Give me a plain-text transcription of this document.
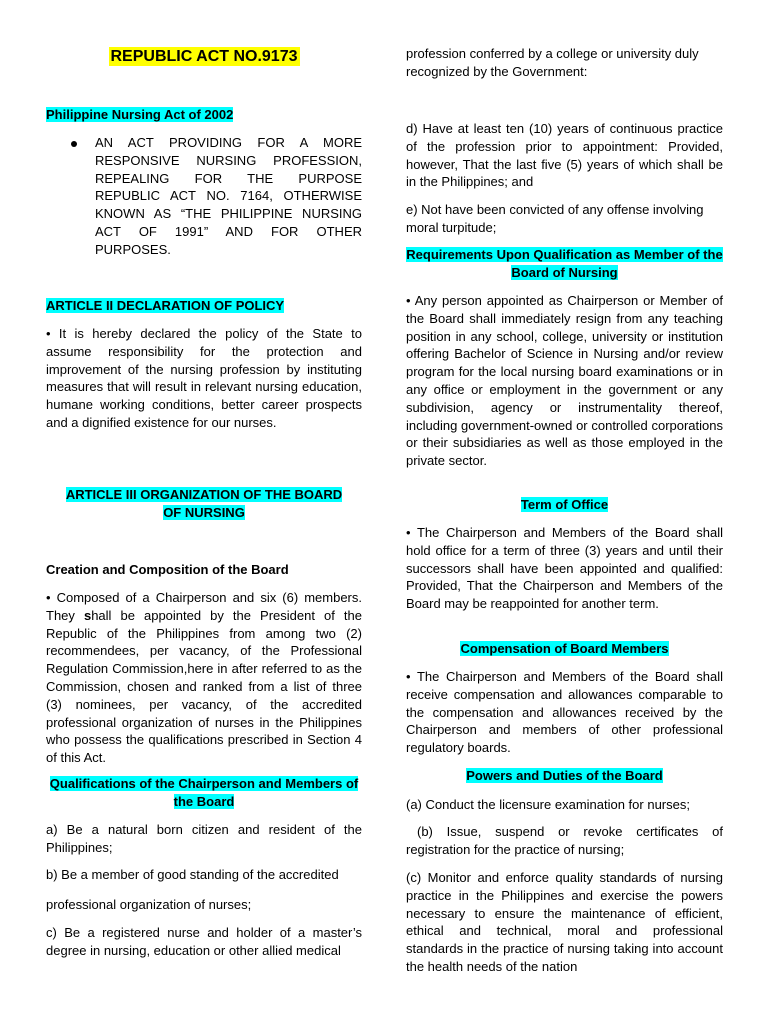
REPUBLIC ACT NO.9173
Philippine Nursing Act of 2002
AN ACT PROVIDING FOR A MORE RESPONSIVE NURSING PROFESSION, REPEALING FOR THE PURPOSE REPUBLIC ACT NO. 7164, OTHERWISE KNOWN AS “THE PHILIPPINE NURSING ACT OF 1991” AND FOR OTHER PURPOSES.
ARTICLE II DECLARATION OF POLICY
• It is hereby declared the policy of the State to assume responsibility for the protection and improvement of the nursing profession by instituting measures that will result in relevant nursing education, humane working conditions, better career prospects and a dignified existence for our nurses.
ARTICLE III ORGANIZATION OF THE BOARD OF NURSING
Creation and Composition of the Board
• Composed of a Chairperson and six (6) members. They shall be appointed by the President of the Republic of the Philippines from among two (2) recommendees, per vacancy, of the Professional Regulation Commission,here in after referred to as the Commission, chosen and ranked from a list of three (3) nominees, per vacancy, of the accredited professional organization of nurses in the Philippines who possess the qualifications prescribed in Section 4 of this Act.
Qualifications of the Chairperson and Members of the Board
a) Be a natural born citizen and resident of the Philippines;
b) Be a member of good standing of the accredited
professional organization of nurses;
c) Be a registered nurse and holder of a master’s degree in nursing, education or other allied medical
profession conferred by a college or university duly recognized by the Government:
d) Have at least ten (10) years of continuous practice of the profession prior to appointment: Provided, however, That the last five (5) years of which shall be in the Philippines; and
e) Not have been convicted of any offense involving moral turpitude;
Requirements Upon Qualification as Member of the Board of Nursing
• Any person appointed as Chairperson or Member of the Board shall immediately resign from any teaching position in any school, college, university or institution offering Bachelor of Science in Nursing and/or review program for the local nursing board examinations or in any office or employment in the government or any subdivision, agency or instrumentality thereof, including government-owned or controlled corporations or their subsidiaries as well as those employed in the private sector.
Term of Office
• The Chairperson and Members of the Board shall hold office for a term of three (3) years and until their successors shall have been appointed and qualified: Provided, That the Chairperson and Members of the Board may be reappointed for another term.
Compensation of Board Members
• The Chairperson and Members of the Board shall receive compensation and allowances comparable to the compensation and allowances received by the Chairperson and members of other professional regulatory boards.
Powers and Duties of the Board
(a) Conduct the licensure examination for nurses;
(b) Issue, suspend or revoke certificates of registration for the practice of nursing;
(c) Monitor and enforce quality standards of nursing practice in the Philippines and exercise the powers necessary to ensure the maintenance of efficient, ethical and technical, moral and professional standards in the practice of nursing taking into account the health needs of the nation
